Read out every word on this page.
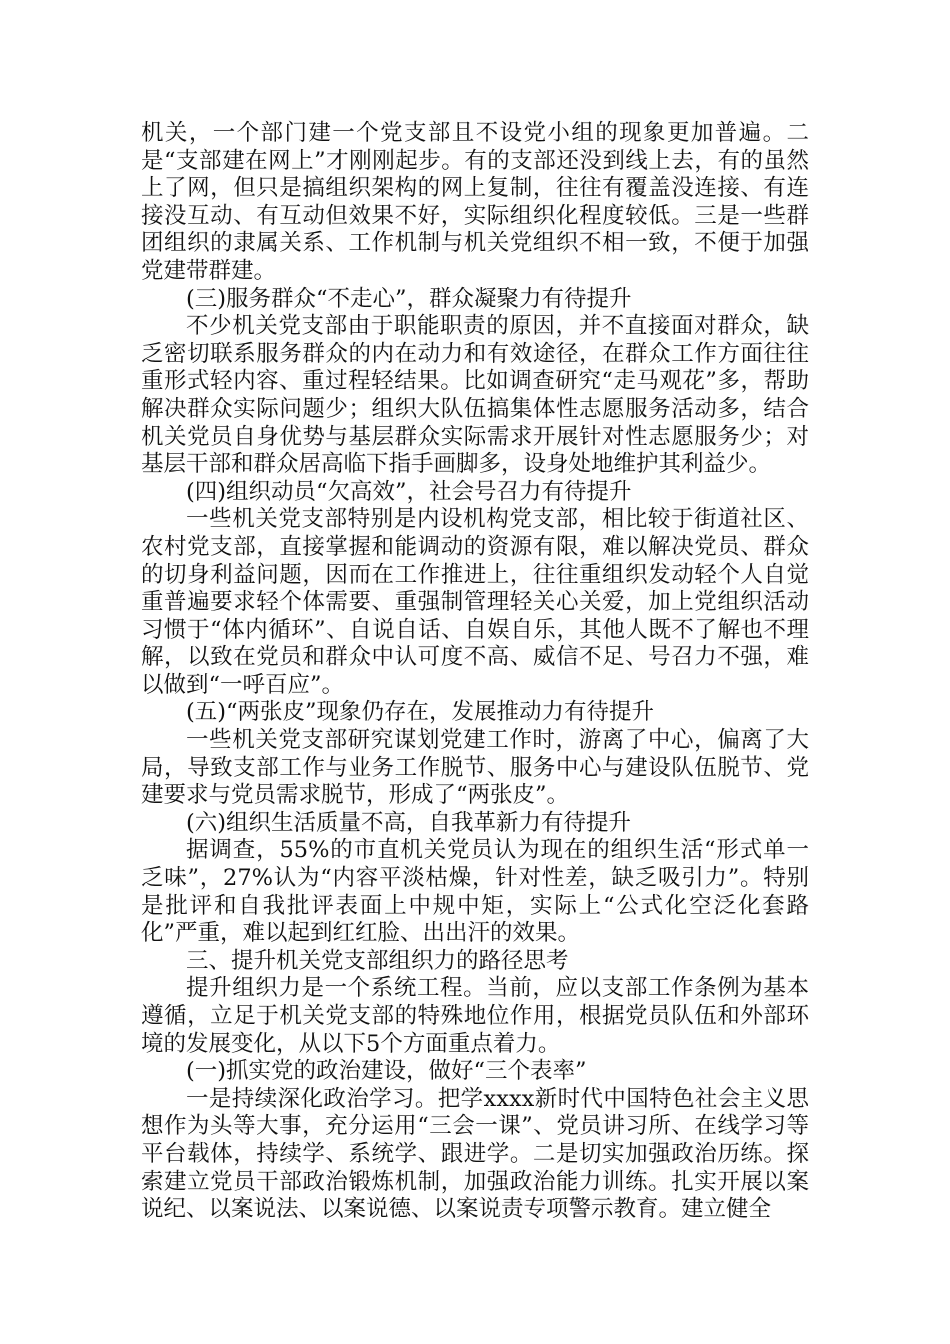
机关，一个部门建一个党支部且不设党小组的现象更加普遍。二是“支部建在网上”才刚刚起步。有的支部还没到线上去，有的虽然上了网，但只是搞组织架构的网上复制，往往有覆盖没连接、有连接没互动、有互动但效果不好，实际组织化程度较低。三是一些群团组织的隶属关系、工作机制与机关党组织不相一致，不便于加强党建带群建。

(三)服务群众“不走心”，群众凝聚力有待提升

不少机关党支部由于职能职责的原因，并不直接面对群众，缺乏密切联系服务群众的内在动力和有效途径，在群众工作方面往往重形式轻内容、重过程轻结果。比如调查研究“走马观花”多，帮助解决群众实际问题少；组织大队伍搞集体性志愿服务活动多，结合机关党员自身优势与基层群众实际需求开展针对性志愿服务少；对基层干部和群众居高临下指手画脚多，设身处地维护其利益少。

(四)组织动员“欠高效”，社会号召力有待提升

一些机关党支部特别是内设机构党支部，相比较于街道社区、农村党支部，直接掌握和能调动的资源有限，难以解决党员、群众的切身利益问题，因而在工作推进上，往往重组织发动轻个人自觉重普遍要求轻个体需要、重强制管理轻关心关爱，加上党组织活动习惯于“体内循环”、自说自话、自娱自乐，其他人既不了解也不理解，以致在党员和群众中认可度不高、威信不足、号召力不强，难以做到“一呼百应”。

(五)“两张皮”现象仍存在，发展推动力有待提升

一些机关党支部研究谋划党建工作时，游离了中心，偏离了大局，导致支部工作与业务工作脱节、服务中心与建设队伍脱节、党建要求与党员需求脱节，形成了“两张皮”。

(六)组织生活质量不高，自我革新力有待提升

据调查，55%的市直机关党员认为现在的组织生活“形式单一乏味”，27%认为“内容平淡枯燥，针对性差，缺乏吸引力”。特别是批评和自我批评表面上中规中矩，实际上“公式化空泛化套路化”严重，难以起到红红脸、出出汗的效果。

三、提升机关党支部组织力的路径思考

提升组织力是一个系统工程。当前，应以支部工作条例为基本遵循，立足于机关党支部的特殊地位作用，根据党员队伍和外部环境的发展变化，从以下5个方面重点着力。

(一)抓实党的政治建设，做好“三个表率”

一是持续深化政治学习。把学xxxx新时代中国特色社会主义思想作为头等大事，充分运用“三会一课”、党员讲习所、在线学习等平台载体，持续学、系统学、跟进学。二是切实加强政治历练。探索建立党员干部政治锻炼机制，加强政治能力训练。扎实开展以案说纪、以案说法、以案说德、以案说责专项警示教育。建立健全
